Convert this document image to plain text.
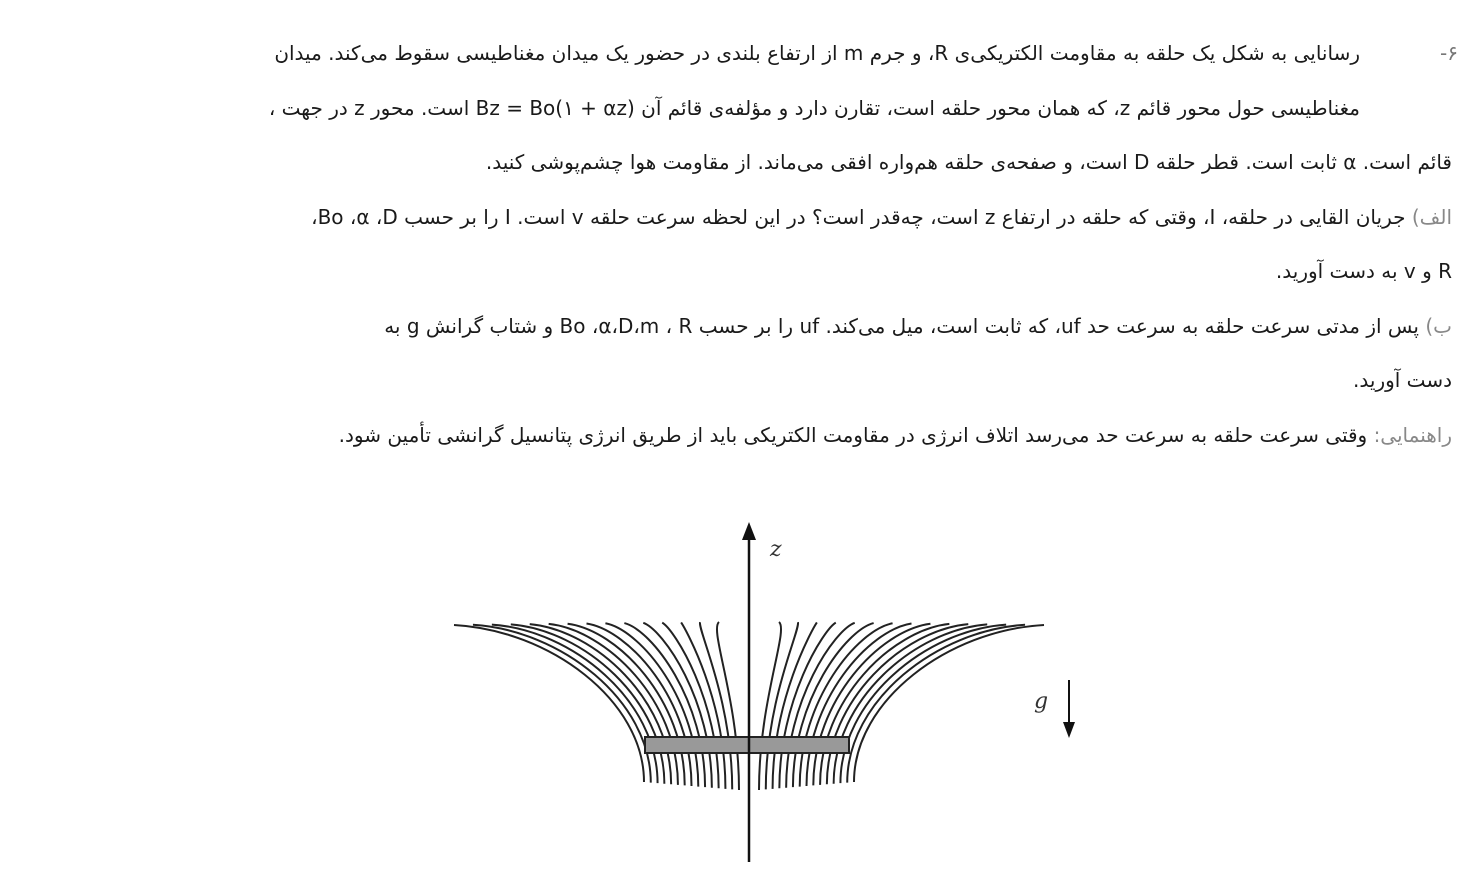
۶-
رسانایی به شکل یک حلقه به مقاومت الکتریکی‌ی R، و جرم m از ارتفاع بلندی در حضور یک میدان مغناطیسی سقوط می‌کند. میدان
مغناطیسی حول محور قائم z، که همان محور حلقه است، تقارن دارد و مؤلفه‌ی قائم آن Bz = Bo(۱ + αz) است. محور z در جهت ،
قائم است. α ثابت است. قطر حلقه D است، و صفحه‌ی حلقه هم‌واره افقی می‌ماند. از مقاومت هوا چشم‌پوشی کنید.
الف) جریان القایی در حلقه، I، وقتی که حلقه در ارتفاع z است، چه‌قدر است؟ در این لحظه سرعت حلقه v است. I را بر حسب Bo ،α ،D،
R و v به دست آورید.
ب) پس از مدتی سرعت حلقه به سرعت حد uf، که ثابت است، میل می‌کند. uf را بر حسب Bo ،α،D،m ، R و شتاب گرانش g به
دست آورید.
راهنمایی: وقتی سرعت حلقه به سرعت حد می‌رسد اتلاف انرژی در مقاومت الکتریکی باید از طریق انرژی پتانسیل گرانشی تأمین شود.
z
g
